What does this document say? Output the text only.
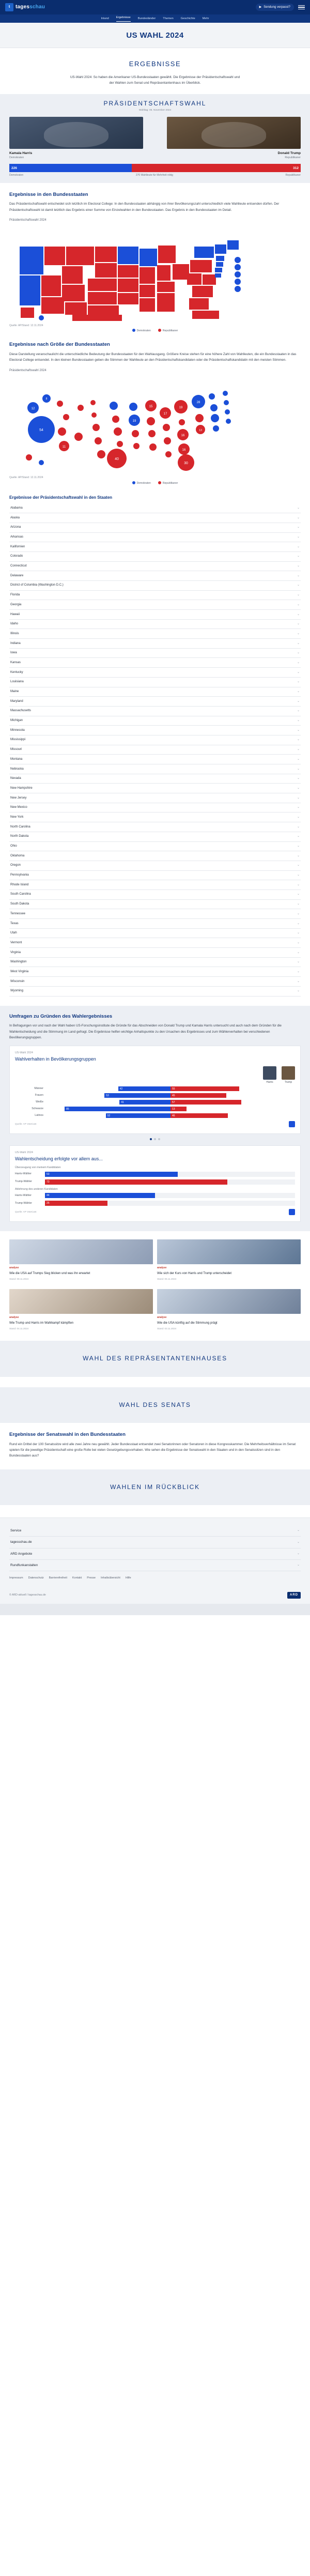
t	tagesschau	▶ Sendung verpasst?
Inland	Ergebnisse	Bundesländer	Themen	Geschichte	Mehr
US WAHL 2024
ERGEBNISSE

US-Wahl 2024: So haben die Amerikaner US-Bundesstaaten gewählt. Die Ergebnisse der Präsidentschaftswahl und der Wahlen zum Senat und Repräsentantenhaus im Überblick.

PRÄSIDENTSCHAFTSWAHL
Wahltag: 05. November 2024
Kamala Harris
Demokraten
Donald Trump
Republikaner
226	312
Demokraten	270 Wahlleute für Mehrheit nötig	Republikaner
Ergebnisse in den Bundesstaaten

Das Präsidentschaftswahl entscheidet sich letztlich im Electoral College: In den Bundesstaaten abhängig von ihrer Bevölkerungszahl unterschiedlich viele Wahlleute entsenden dürfen. Der Präsidentschaftswahl ist damit letztlich das Ergebnis einer Summe von Einzelwahlen in den Bundesstaaten. Das Ergebnis in den Bundesstaaten im Detail.

Präsidentschaftswahl 2024
Quelle: AP/Stand: 12.11.2024
Demokraten	Republikaner
Ergebnisse nach Größe der Bundesstaaten

Diese Darstellung veranschaulicht die unterschiedliche Bedeutung der Bundesstaaten für den Wahlausgang. Größere Kreise stehen für eine höhere Zahl von Wahlleuten, die ein Bundesstaaten in das Electoral College entsendet. In den kleinen Bundesstaaten geben die Stimmen der Wahlleute an den Präsidentschaftskandidaten oder die Präsidentschaftskandidatin mit den meisten Stimmen.

Präsidentschaftswahl 2024
54
12
8
11
40
19
15
17
19
16
16
30
28
13
Quelle: AP/Stand: 12.11.2024
Demokraten	Republikaner
Ergebnisse der Präsidentschaftswahl in den Staaten
Alabama	⌄
Alaska	⌄
Arizona	⌄
Arkansas	⌄
Kalifornien	⌄
Colorado	⌄
Connecticut	⌄
Delaware	⌄
District of Columbia (Washington D.C.)	⌄
Florida	⌄
Georgia	⌄
Hawaii	⌄
Idaho	⌄
Illinois	⌄
Indiana	⌄
Iowa	⌄
Kansas	⌄
Kentucky	⌄
Louisiana	⌄
Maine	⌄
Maryland	⌄
Massachusetts	⌄
Michigan	⌄
Minnesota	⌄
Mississippi	⌄
Missouri	⌄
Montana	⌄
Nebraska	⌄
Nevada	⌄
New Hampshire	⌄
New Jersey	⌄
New Mexico	⌄
New York	⌄
North Carolina	⌄
North Dakota	⌄
Ohio	⌄
Oklahoma	⌄
Oregon	⌄
Pennsylvania	⌄
Rhode Island	⌄
South Carolina	⌄
South Dakota	⌄
Tennessee	⌄
Texas	⌄
Utah	⌄
Vermont	⌄
Virginia	⌄
Washington	⌄
West Virginia	⌄
Wisconsin	⌄
Wyoming	⌄
Umfragen zu Gründen des Wahlergebnisses

In Befragungen vor und nach der Wahl haben US-Forschungsinstitute die Gründe für das Abschneiden von Donald Trump und Kamala Harris untersucht und auch nach dem Gründen für die Wahlentscheidung und die Stimmung im Land gefragt. Die Ergebnisse helfen wichtige Anhaltspunkte zu den Ursachen des Ergebnisses und zum Wählerverhalten bei verschiedenen Bevölkerungsgruppen.

US-Wahl 2024
Wahlverhalten in Bevölkerungsgruppen
Harris	Trump
Männer	42	55
Frauen	53	45
Weiße	41	57
Schwarze	85	13
Latinos	52	46
Quelle: AP VoteCast
US-Wahl 2024
Wahlentscheidung erfolgte vor allem aus...
Überzeugung von meinem Kandidaten
Harris-Wähler	53
Trump-Wähler	73
Ablehnung des anderen Kandidaten
Harris-Wähler	44
Trump-Wähler	25
Quelle: AP VoteCast
analyse
Wie die USA auf Trumps Sieg blicken und was ihn erwartet
Stand: 08.11.2024
analyse
Wie sich der Kurs von Harris und Trump unterscheidet
Stand: 06.11.2024
analyse
Wie Trump und Harris im Wahlkampf kämpften
Stand: 04.11.2024
analyse
Wie die USA künftig auf die Stimmung prägt
Stand: 03.11.2024
WAHL DES REPRÄSENTANTENHAUSES
WAHL DES SENATS
Ergebnisse der Senatswahl in den Bundesstaaten

Rund ein Drittel der 100 Senatssitze wird alle zwei Jahre neu gewählt. Jeder Bundesstaat entsendet zwei Senatorinnen oder Senatoren in diese Kongresskammer. Die Mehrheitsverhältnisse im Senat spielen für die jeweilige Präsidentschaft eine große Rolle bei vielen Gesetzgebungsvorhaben. Wie sehen die Ergebnisse der Senatswahl in den Staaten und in den Senatssitzen sind in den Bundesstaaten aus?

WAHLEN IM RÜCKBLICK
Service	⌄
tagesschau.de	⌄
ARD Angebote	⌄
Rundfunkanstalten	⌄
Impressum Datenschutz Barrierefreiheit Kontakt Presse Inhaltsübersicht Hilfe
© ARD-aktuell / tagesschau.de	ARD
